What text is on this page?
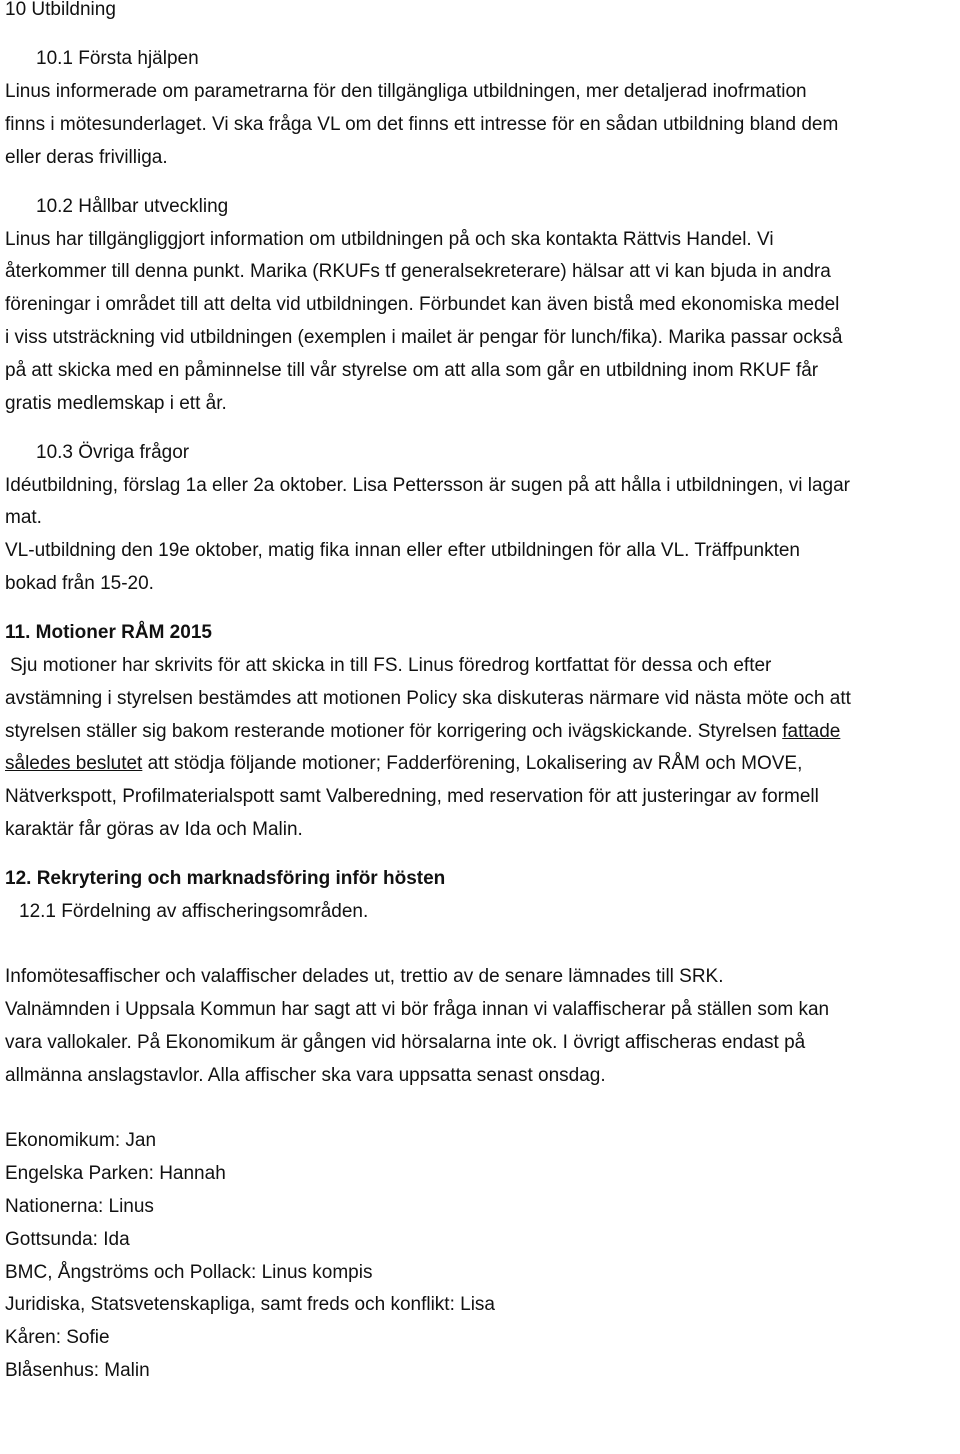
10 Utbildning

10.1 Första hjälpen

Linus informerade om parametrarna för den tillgängliga utbildningen, mer detaljerad inofrmation

finns i mötesunderlaget. Vi ska fråga VL om det finns ett intresse för en sådan utbildning bland dem

eller deras frivilliga.

10.2 Hållbar utveckling

Linus har tillgängliggjort information om utbildningen på och ska kontakta Rättvis Handel. Vi

återkommer till denna punkt. Marika (RKUFs tf generalsekreterare) hälsar att vi kan bjuda in andra

föreningar i området till att delta vid utbildningen. Förbundet kan även bistå med ekonomiska medel

i viss utsträckning vid utbildningen (exemplen i mailet är pengar för lunch/fika). Marika passar också

på att skicka med en påminnelse till vår styrelse om att alla som går en utbildning inom RKUF får

gratis medlemskap i ett år.

10.3 Övriga frågor

Idéutbildning, förslag 1a eller 2a oktober. Lisa Pettersson är sugen på att hålla i utbildningen, vi lagar

mat.

VL-utbildning den 19e oktober, matig fika innan eller efter utbildningen för alla VL. Träffpunkten

bokad från 15-20.

11. Motioner RÅM 2015

Sju motioner har skrivits för att skicka in till FS. Linus föredrog kortfattat för dessa och efter

avstämning i styrelsen bestämdes att motionen Policy ska diskuteras närmare vid nästa möte och att

styrelsen ställer sig bakom resterande motioner för korrigering och ivägskickande. Styrelsen fattade

således beslutet att stödja följande motioner; Fadderförening, Lokalisering av RÅM och MOVE,

Nätverkspott, Profilmaterialspott samt Valberedning, med reservation för att justeringar av formell

karaktär får göras av Ida och Malin.

12. Rekrytering och marknadsföring inför hösten

12.1 Fördelning av affischeringsområden.

Infomötesaffischer och valaffischer delades ut, trettio av de senare lämnades till SRK.

Valnämnden i Uppsala Kommun har sagt att vi bör fråga innan vi valaffischerar på ställen som kan

vara vallokaler. På Ekonomikum är gången vid hörsalarna inte ok. I övrigt affischeras endast på

allmänna anslagstavlor. Alla affischer ska vara uppsatta senast onsdag.

Ekonomikum: Jan

Engelska Parken: Hannah

Nationerna: Linus

Gottsunda: Ida

BMC, Ångströms och Pollack: Linus kompis

Juridiska, Statsvetenskapliga, samt freds och konflikt: Lisa

Kåren: Sofie

Blåsenhus: Malin
